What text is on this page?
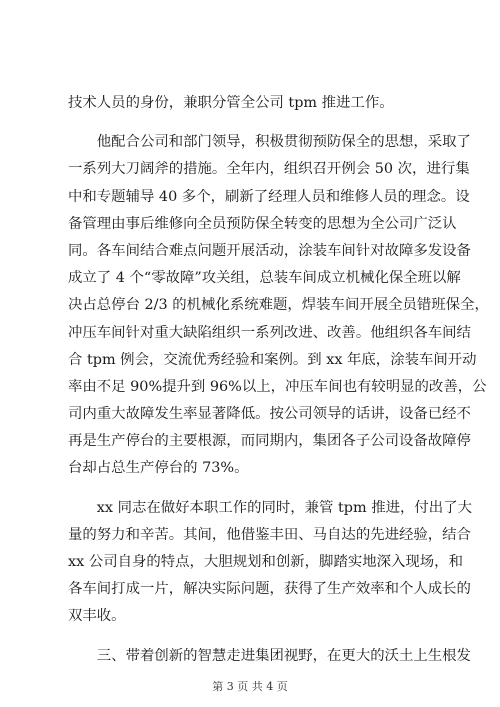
技术人员的身份，兼职分管全公司 tpm 推进工作。
　　他配合公司和部门领导，积极贯彻预防保全的思想，采取了
一系列大刀阔斧的措施。全年内，组织召开例会 50 次，进行集
中和专题辅导 40 多个，刷新了经理人员和维修人员的理念。设
备管理由事后维修向全员预防保全转变的思想为全公司广泛认
同。各车间结合难点问题开展活动，涂装车间针对故障多发设备
成立了 4 个“零故障”攻关组，总装车间成立机械化保全班以解
决占总停台 2/3 的机械化系统难题，焊装车间开展全员错班保全，
冲压车间针对重大缺陷组织一系列改进、改善。他组织各车间结
合 tpm 例会，交流优秀经验和案例。到 xx 年底，涂装车间开动
率由不足 90%提升到 96%以上，冲压车间也有较明显的改善，公
司内重大故障发生率显著降低。按公司领导的话讲，设备已经不
再是生产停台的主要根源，而同期内，集团各子公司设备故障停
台却占总生产停台的 73%。
　　xx 同志在做好本职工作的同时，兼管 tpm 推进，付出了大
量的努力和辛苦。其间，他借鉴丰田、马自达的先进经验，结合
xx 公司自身的特点，大胆规划和创新，脚踏实地深入现场，和
各车间打成一片，解决实际问题，获得了生产效率和个人成长的
双丰收。
　　三、带着创新的智慧走进集团视野，在更大的沃土上生根发
第 3 页 共 4 页
